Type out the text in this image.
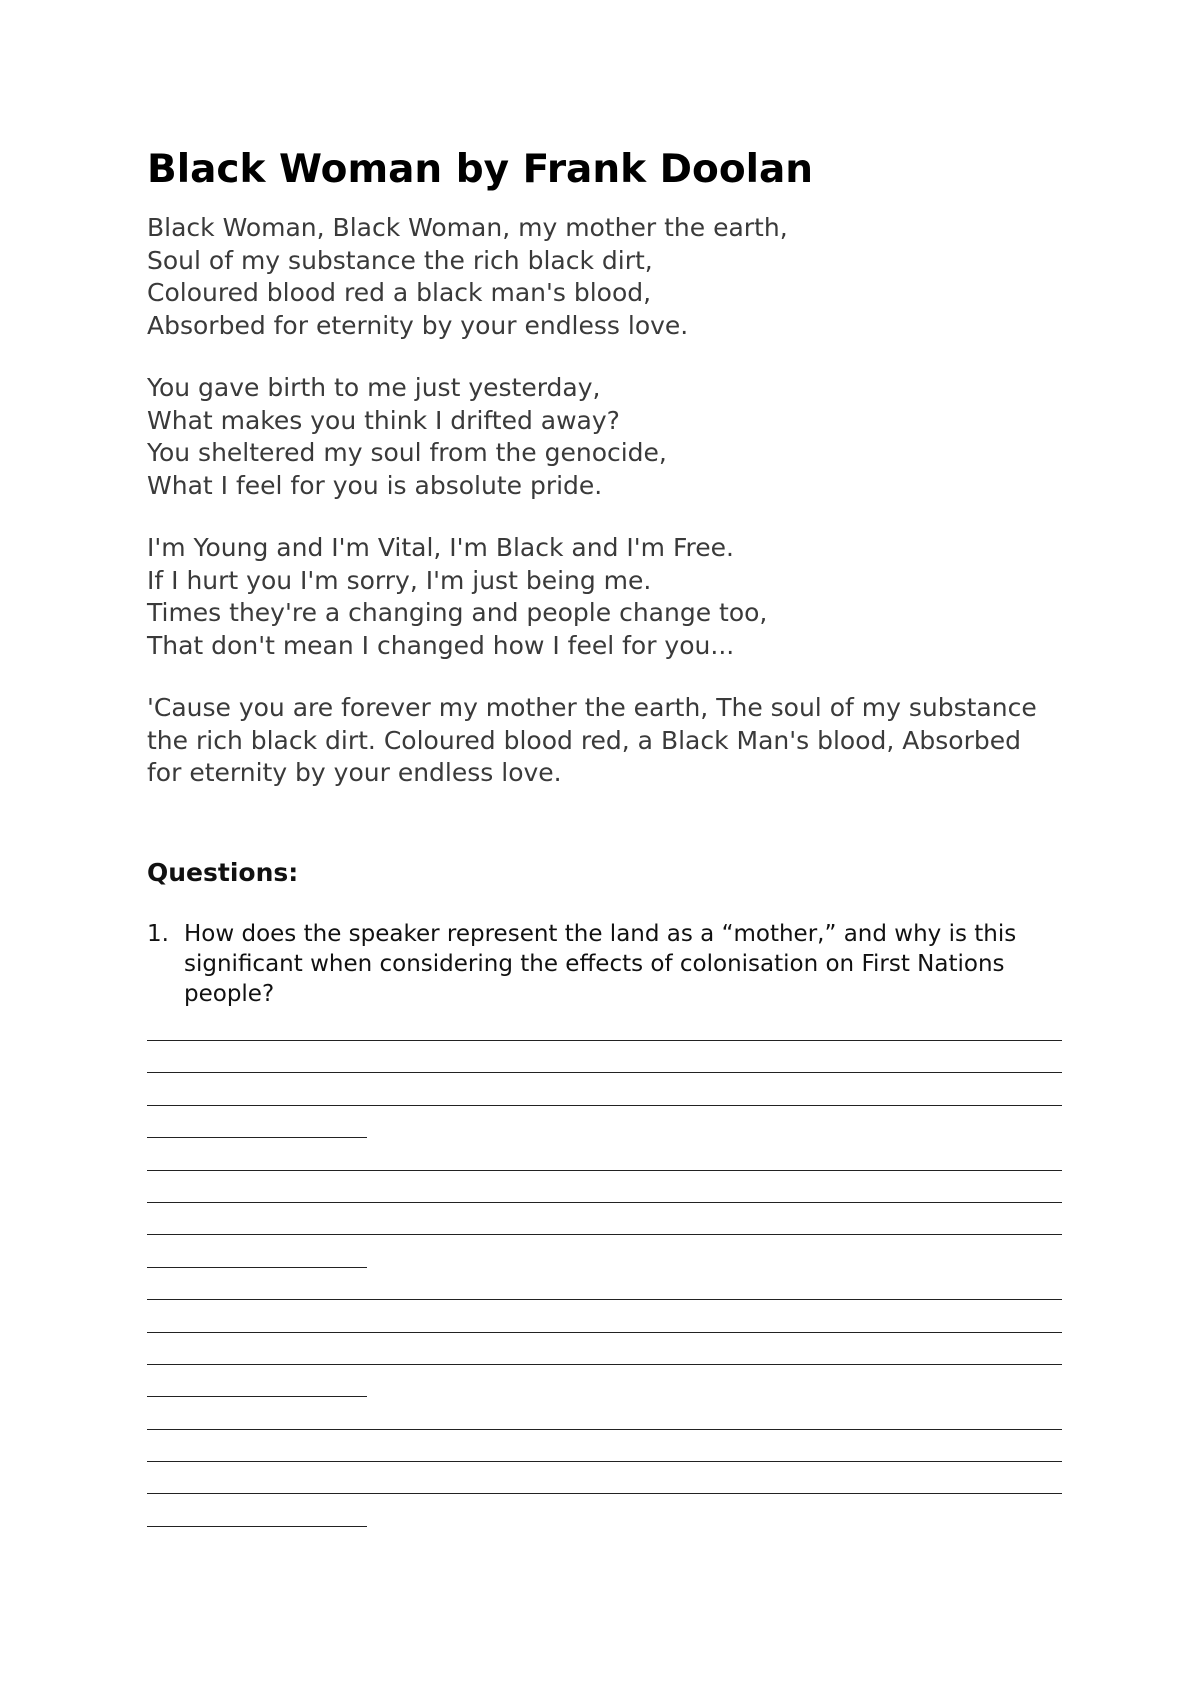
Black Woman by Frank Doolan
Black Woman, Black Woman, my mother the earth,
Soul of my substance the rich black dirt,
Coloured blood red a black man's blood,
Absorbed for eternity by your endless love.
You gave birth to me just yesterday,
What makes you think I drifted away?
You sheltered my soul from the genocide,
What I feel for you is absolute pride.
I'm Young and I'm Vital, I'm Black and I'm Free.
If I hurt you I'm sorry, I'm just being me.
Times they're a changing and people change too,
That don't mean I changed how I feel for you...

'Cause you are forever my mother the earth, The soul of my substance the rich black dirt. Coloured blood red, a Black Man's blood, Absorbed for eternity by your endless love.

Questions:
1. How does the speaker represent the land as a “mother,” and why is this significant when considering the effects of colonisation on First Nations people?
